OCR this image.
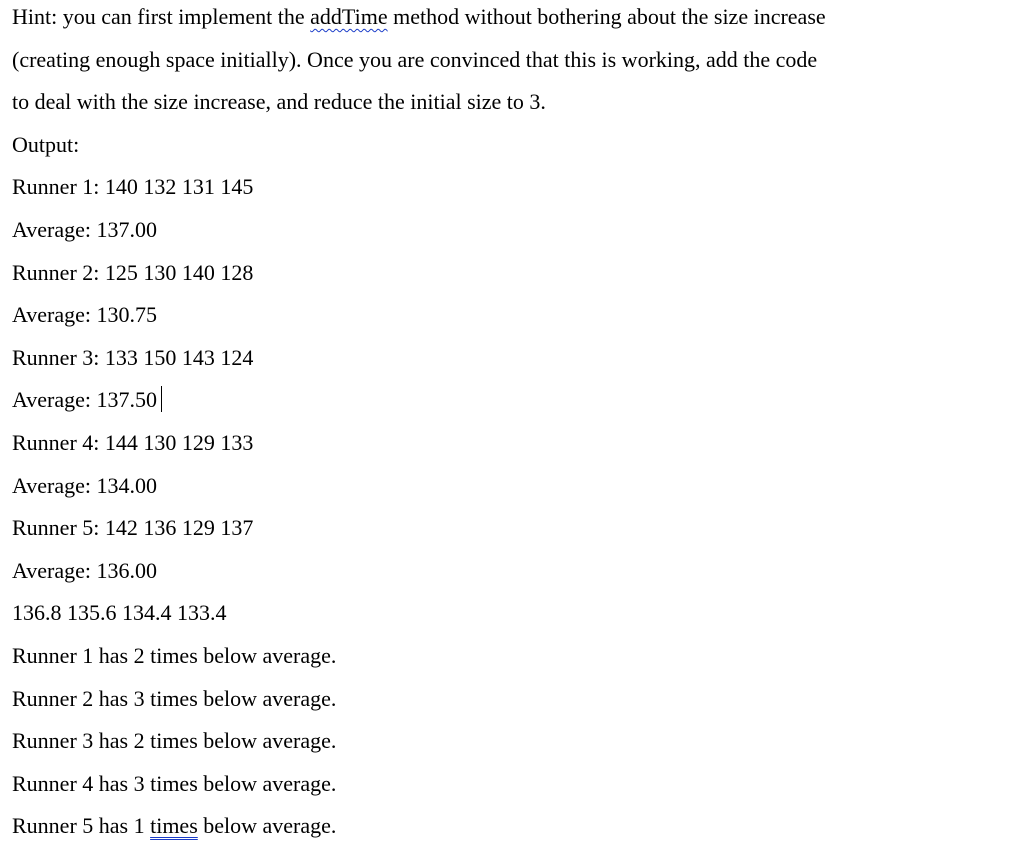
Hint: you can first implement the addTime method without bothering about the size increase
(creating enough space initially). Once you are convinced that this is working, add the code
to deal with the size increase, and reduce the initial size to 3.
Output:
Runner 1: 140 132 131 145
Average: 137.00
Runner 2: 125 130 140 128
Average: 130.75
Runner 3: 133 150 143 124
Average: 137.50
Runner 4: 144 130 129 133
Average: 134.00
Runner 5: 142 136 129 137
Average: 136.00
136.8 135.6 134.4 133.4
Runner 1 has 2 times below average.
Runner 2 has 3 times below average.
Runner 3 has 2 times below average.
Runner 4 has 3 times below average.
Runner 5 has 1 times below average.
